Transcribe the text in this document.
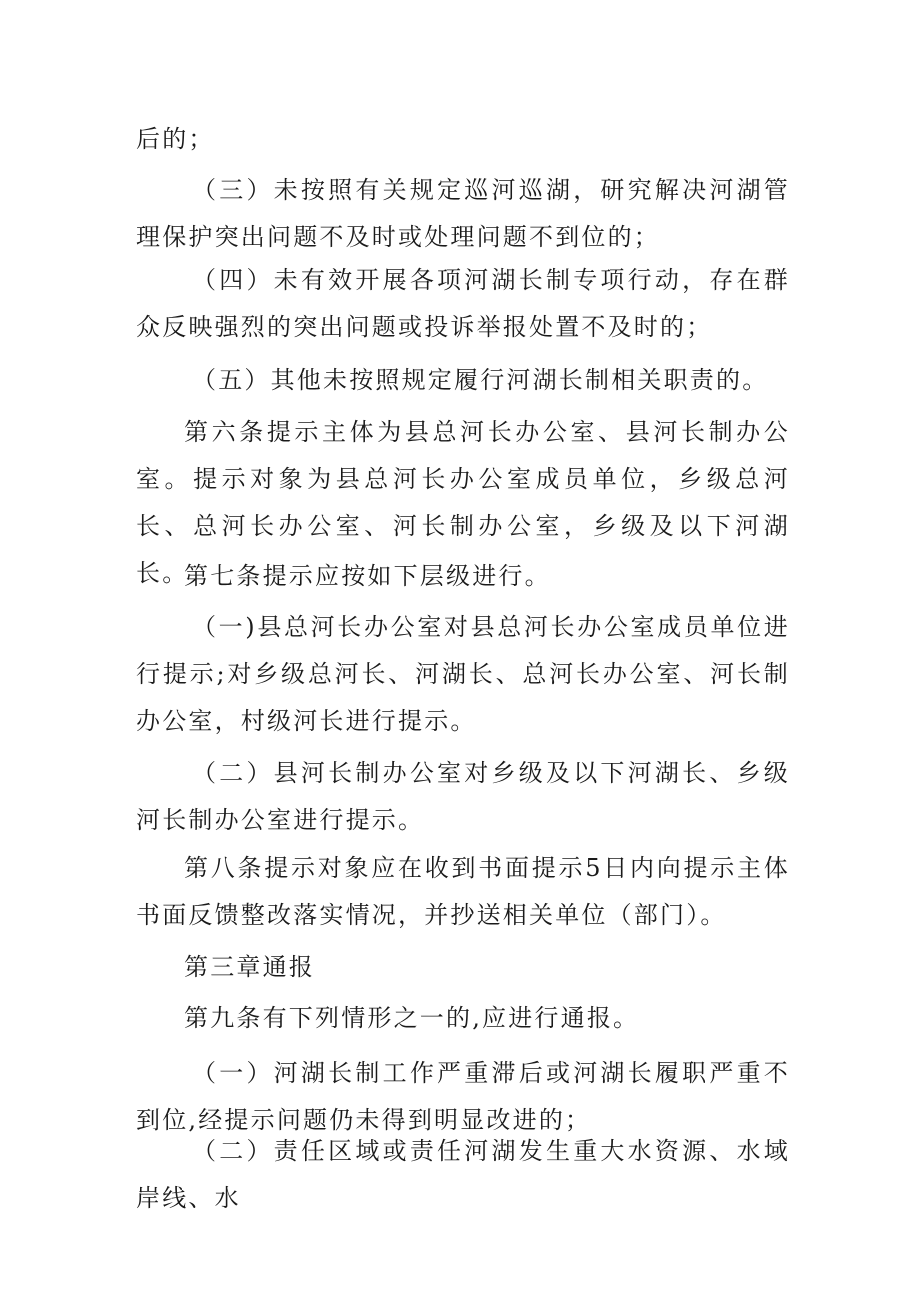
后的；

（三）未按照有关规定巡河巡湖，研究解决河湖管理保护突出问题不及时或处理问题不到位的；

（四）未有效开展各项河湖长制专项行动，存在群众反映强烈的突出问题或投诉举报处置不及时的；

（五）其他未按照规定履行河湖长制相关职责的。

第六条提示主体为县总河长办公室、县河长制办公室。提示对象为县总河长办公室成员单位，乡级总河长、总河长办公室、河长制办公室，乡级及以下河湖长。

第七条提示应按如下层级进行。

（一)县总河长办公室对县总河长办公室成员单位进行提示;对乡级总河长、河湖长、总河长办公室、河长制办公室，村级河长进行提示。

（二）县河长制办公室对乡级及以下河湖长、乡级河长制办公室进行提示。

第八条提示对象应在收到书面提示5日内向提示主体书面反馈整改落实情况，并抄送相关单位（部门）。

第三章通报

第九条有下列情形之一的,应进行通报。

（一）河湖长制工作严重滞后或河湖长履职严重不到位,经提示问题仍未得到明显改进的；

（二）责任区域或责任河湖发生重大水资源、水域岸线、水
